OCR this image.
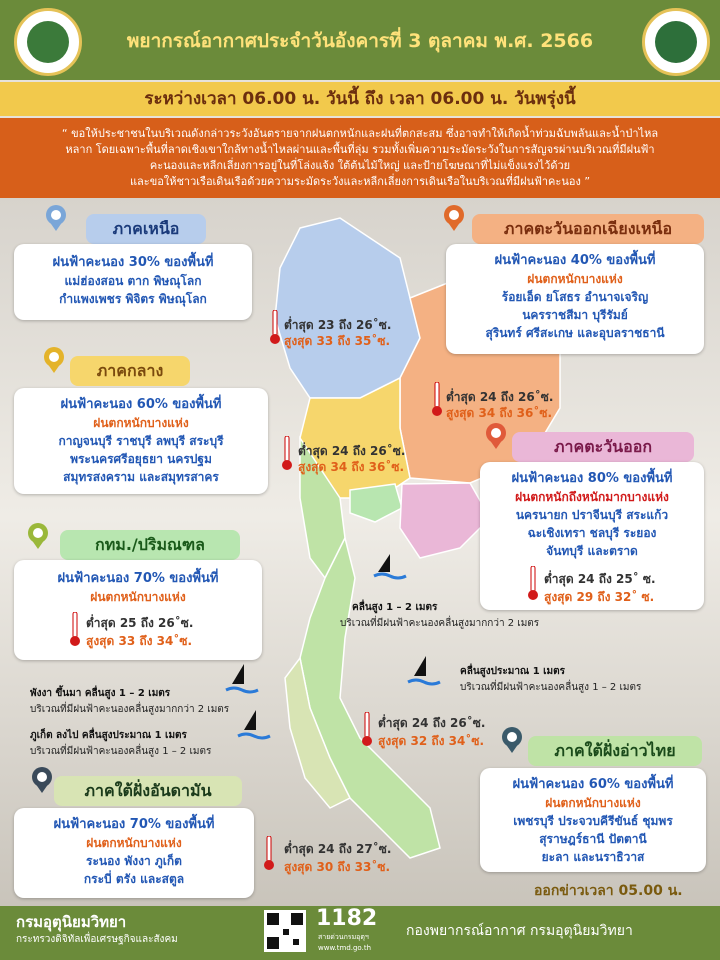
พยากรณ์อากาศประจำวันอังคารที่ 3 ตุลาคม พ.ศ. 2566
ระหว่างเวลา 06.00 น. วันนี้ ถึง เวลา 06.00 น. วันพรุ่งนี้
“ ขอให้ประชาชนในบริเวณดังกล่าวระวังอันตรายจากฝนตกหนักและฝนที่ตกสะสม ซึ่งอาจทำให้เกิดน้ำท่วมฉับพลันและน้ำป่าไหล
หลาก โดยเฉพาะพื้นที่ลาดเชิงเขาใกล้ทางน้ำไหลผ่านและพื้นที่ลุ่ม รวมทั้งเพิ่มความระมัดระวังในการสัญจรผ่านบริเวณที่มีฝนฟ้า
คะนองและหลีกเลี่ยงการอยู่ในที่โล่งแจ้ง ใต้ต้นไม้ใหญ่ และป้ายโฆษณาที่ไม่แข็งแรงไว้ด้วย
และขอให้ชาวเรือเดินเรือด้วยความระมัดระวังและหลีกเลี่ยงการเดินเรือในบริเวณที่มีฝนฟ้าคะนอง ”
ภาคเหนือ
ฝนฟ้าคะนอง 30% ของพื้นที่
แม่ฮ่องสอน ตาก พิษณุโลก
กำแพงเพชร พิจิตร พิษณุโลก
ต่ำสุด 23 ถึง 26˚ซ.
สูงสุด 33 ถึง 35˚ซ.
ภาคตะวันออกเฉียงเหนือ
ฝนฟ้าคะนอง 40% ของพื้นที่
ฝนตกหนักบางแห่ง
ร้อยเอ็ด ยโสธร อำนาจเจริญ
นครราชสีมา บุรีรัมย์
สุรินทร์ ศรีสะเกษ และอุบลราชธานี
ต่ำสุด 24 ถึง 26˚ซ.
สูงสุด 34 ถึง 36˚ซ.
ภาคกลาง
ฝนฟ้าคะนอง 60% ของพื้นที่
ฝนตกหนักบางแห่ง
กาญจนบุรี ราชบุรี ลพบุรี สระบุรี
พระนครศรีอยุธยา นครปฐม
สมุทรสงคราม และสมุทรสาคร
ต่ำสุด 24 ถึง 26˚ซ.
สูงสุด 34 ถึง 36˚ซ.
ภาคตะวันออก
ฝนฟ้าคะนอง 80% ของพื้นที่
ฝนตกหนักถึงหนักมากบางแห่ง
นครนายก ปราจีนบุรี สระแก้ว
ฉะเชิงเทรา ชลบุรี ระยอง
จันทบุรี และตราด
ต่ำสุด 24 ถึง 25˚ ซ.
สูงสุด 29 ถึง 32˚ ซ.
กทม./ปริมณฑล
ฝนฟ้าคะนอง 70% ของพื้นที่
ฝนตกหนักบางแห่ง
ต่ำสุด 25 ถึง 26˚ซ.
สูงสุด 33 ถึง 34˚ซ.
คลื่นสูง 1 – 2 เมตร
บริเวณที่มีฝนฟ้าคะนองคลื่นสูงมากกว่า 2 เมตร
คลื่นสูงประมาณ 1 เมตร
บริเวณที่มีฝนฟ้าคะนองคลื่นสูง 1 – 2 เมตร
พังงา ขึ้นมา คลื่นสูง 1 – 2 เมตร
บริเวณที่มีฝนฟ้าคะนองคลื่นสูงมากกว่า 2 เมตร
ภูเก็ต ลงไป คลื่นสูงประมาณ 1 เมตร
บริเวณที่มีฝนฟ้าคะนองคลื่นสูง 1 – 2 เมตร
ต่ำสุด 24 ถึง 26˚ซ.
สูงสุด 32 ถึง 34˚ซ.	ภาคใต้ฝั่งอ่าวไทย
ฝนฟ้าคะนอง 60% ของพื้นที่
ฝนตกหนักบางแห่ง
เพชรบุรี ประจวบคีรีขันธ์ ชุมพร
สุราษฎร์ธานี ปัตตานี
ยะลา และนราธิวาส
ออกข่าวเวลา 05.00 น.
ภาคใต้ฝั่งอันดามัน
ฝนฟ้าคะนอง 70% ของพื้นที่
ฝนตกหนักบางแห่ง
ระนอง พังงา ภูเก็ต
กระบี่ ตรัง และสตูล
ต่ำสุด 24 ถึง 27˚ซ.
สูงสุด 30 ถึง 33˚ซ.
กรมอุตุนิยมวิทยา
กระทรวงดิจิทัลเพื่อเศรษฐกิจและสังคม
1182
สายด่วนกรมอุตุฯ
www.tmd.go.th
กองพยากรณ์อากาศ กรมอุตุนิยมวิทยา
